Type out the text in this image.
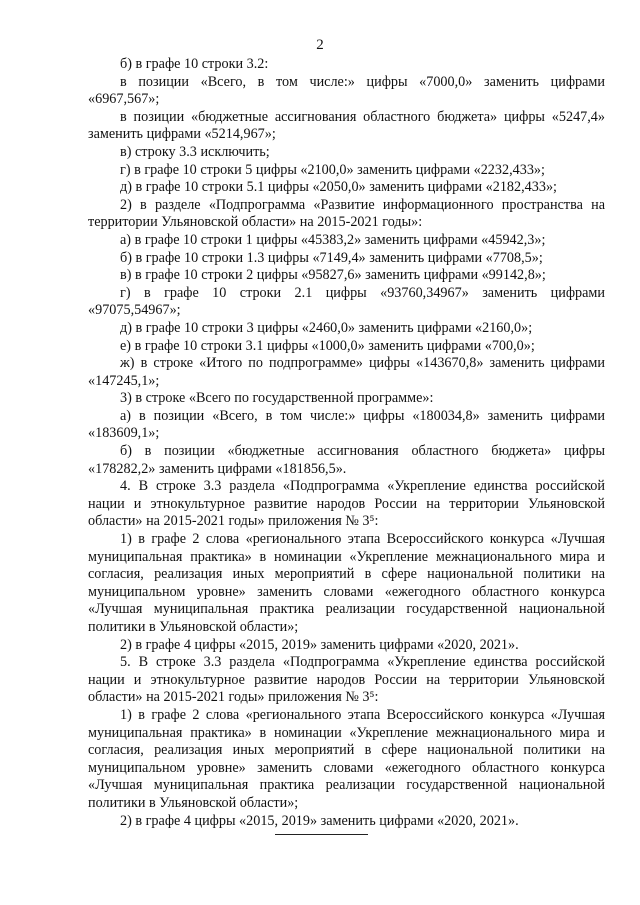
2

б) в графе 10 строки 3.2:

в позиции «Всего, в том числе:» цифры «7000,0» заменить цифрами «6967,567»;

в позиции «бюджетные ассигнования областного бюджета» цифры «5247,4» заменить цифрами «5214,967»;

в) строку 3.3 исключить;

г) в графе 10 строки 5 цифры «2100,0» заменить цифрами «2232,433»;

д) в графе 10 строки 5.1 цифры «2050,0» заменить цифрами «2182,433»;

2) в разделе «Подпрограмма «Развитие информационного пространства на территории Ульяновской области» на 2015-2021 годы»:

а) в графе 10 строки 1 цифры «45383,2» заменить цифрами «45942,3»;

б) в графе 10 строки 1.3 цифры «7149,4» заменить цифрами «7708,5»;

в) в графе 10 строки 2 цифры «95827,6» заменить цифрами «99142,8»;

г) в графе 10 строки 2.1 цифры «93760,34967» заменить цифрами «97075,54967»;

д) в графе 10 строки 3 цифры «2460,0» заменить цифрами «2160,0»;

е) в графе 10 строки 3.1 цифры «1000,0» заменить цифрами «700,0»;

ж) в строке «Итого по подпрограмме» цифры «143670,8» заменить цифрами «147245,1»;

3) в строке «Всего по государственной программе»:

а) в позиции «Всего, в том числе:» цифры «180034,8» заменить цифрами «183609,1»;

б) в позиции «бюджетные ассигнования областного бюджета» цифры «178282,2» заменить цифрами «181856,5».

4. В строке 3.3 раздела «Подпрограмма «Укрепление единства российской нации и этнокультурное развитие народов России на территории Ульяновской области» на 2015-2021 годы» приложения № 3⁵:

1) в графе 2 слова «регионального этапа Всероссийского конкурса «Лучшая муниципальная практика» в номинации «Укрепление межнационального мира и согласия, реализация иных мероприятий в сфере национальной политики на муниципальном уровне» заменить словами «ежегодного областного конкурса «Лучшая муниципальная практика реализации государственной национальной политики в Ульяновской области»;

2) в графе 4 цифры «2015, 2019» заменить цифрами «2020, 2021».

5. В строке 3.3 раздела «Подпрограмма «Укрепление единства российской нации и этнокультурное развитие народов России на территории Ульяновской области» на 2015-2021 годы» приложения № 3⁵:

1) в графе 2 слова «регионального этапа Всероссийского конкурса «Лучшая муниципальная практика» в номинации «Укрепление межнационального мира и согласия, реализация иных мероприятий в сфере национальной политики на муниципальном уровне» заменить словами «ежегодного областного конкурса «Лучшая муниципальная практика реализации государственной национальной политики в Ульяновской области»;

2) в графе 4 цифры «2015, 2019» заменить цифрами «2020, 2021».
